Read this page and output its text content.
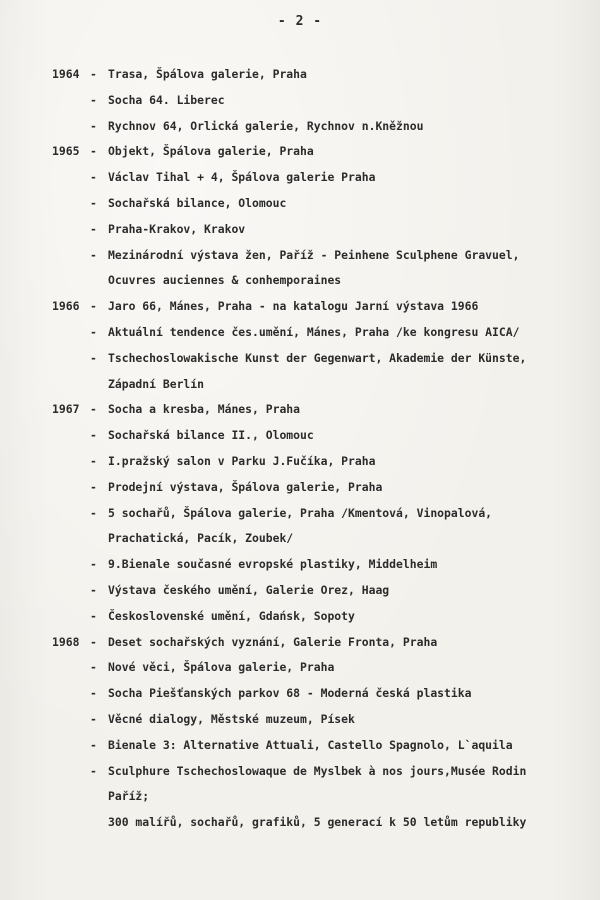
- 2 -
1964 - Trasa, Špálova galerie, Praha
- Socha 64. Liberec
- Rychnov 64, Orlická galerie, Rychnov n.Kněžnou
1965 - Objekt, Špálova galerie, Praha
- Václav Tihal + 4, Špálova galerie Praha
- Sochařská bilance, Olomouc
- Praha-Krakov, Krakov
- Mezinárodní výstava žen, Paříž - Peinhene Sculphene Gravuel,
Ocuvres auciennes & conhemporaines
1966 - Jaro 66, Mánes, Praha - na katalogu Jarní výstava 1966
- Aktuální tendence čes.umění, Mánes, Praha /ke kongresu AICA/
- Tschechoslowakische Kunst der Gegenwart, Akademie der Künste,
Západní Berlín
1967 - Socha a kresba, Mánes, Praha
- Sochařská bilance II., Olomouc
- I.pražský salon v Parku J.Fučíka, Praha
- Prodejní výstava, Špálova galerie, Praha
- 5 sochařů, Špálova galerie, Praha /Kmentová, Vinopalová,
Prachatická, Pacík, Zoubek/
- 9.Bienale současné evropské plastiky, Middelheim
- Výstava českého umění, Galerie Orez, Haag
- Československé umění, Gdańsk, Sopoty
1968 - Deset sochařských vyznání, Galerie Fronta, Praha
- Nové věci, Špálova galerie, Praha
- Socha Piešťanských parkov 68 - Moderná česká plastika
- Věcné dialogy, Městské muzeum, Písek
- Bienale 3: Alternative Attuali, Castello Spagnolo, L`aquila
- Sculphure Tschechoslowaque de Myslbek à nos jours,Musée Rodin
Paříž;
300 malířů, sochařů, grafiků, 5 generací k 50 letům republiky
